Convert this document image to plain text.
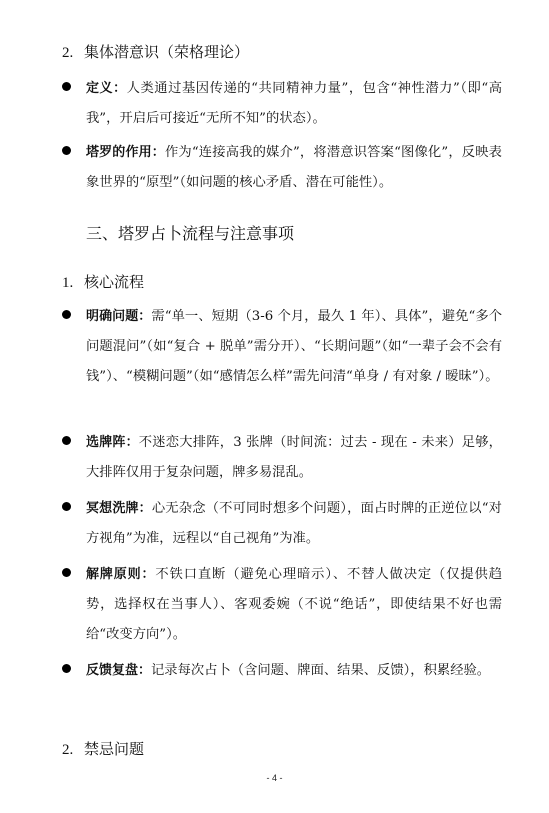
2. 集体潜意识（荣格理论）
定义：人类通过基因传递的“共同精神力量”，包含“神性潜力”（即“高我”，开启后可接近“无所不知”的状态）。
塔罗的作用：作为“连接高我的媒介”，将潜意识答案“图像化”，反映表象世界的“原型”（如问题的核心矛盾、潜在可能性）。
三、塔罗占卜流程与注意事项
1. 核心流程
明确问题：需“单一、短期（3-6 个月，最久 1 年）、具体”，避免“多个问题混问”（如“复合 + 脱单”需分开）、“长期问题”（如“一辈子会不会有钱”）、“模糊问题”（如“感情怎么样”需先问清“单身 / 有对象 / 暧昧”）。
选牌阵：不迷恋大排阵，3 张牌（时间流：过去 - 现在 - 未来）足够，大排阵仅用于复杂问题，牌多易混乱。
冥想洗牌：心无杂念（不可同时想多个问题），面占时牌的正逆位以“对方视角”为准，远程以“自己视角”为准。
解牌原则：不铁口直断（避免心理暗示）、不替人做决定（仅提供趋势，选择权在当事人）、客观委婉（不说“绝话”，即使结果不好也需给“改变方向”）。
反馈复盘：记录每次占卜（含问题、牌面、结果、反馈），积累经验。
2. 禁忌问题
- 4 -
